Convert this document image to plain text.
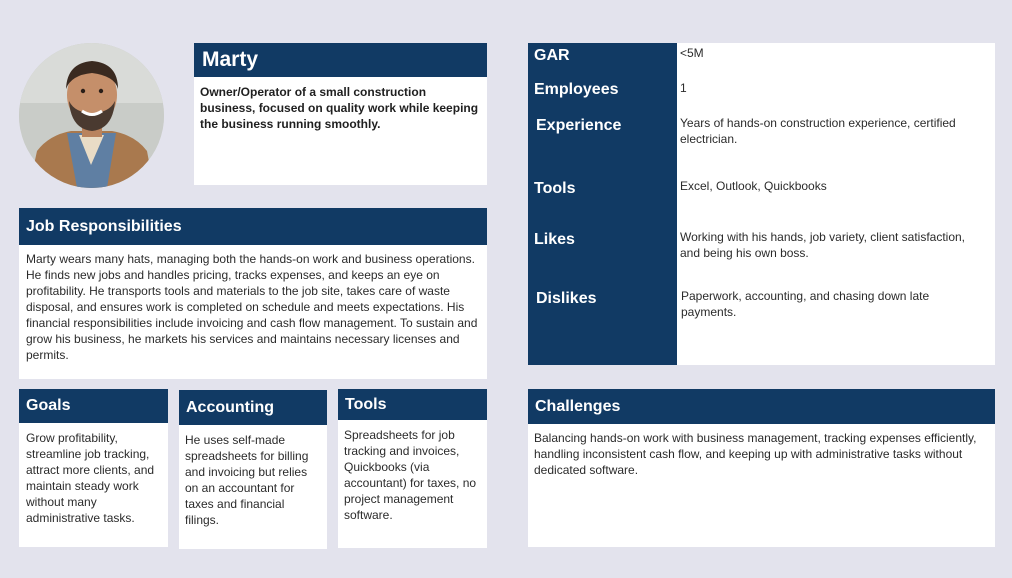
Marty

Owner/Operator of a small construction business, focused on quality work while keeping the business running smoothly.

Job Responsibilities
Marty wears many hats, managing both the hands-on work and business operations. He finds new jobs and handles pricing, tracks expenses, and keeps an eye on profitability. He transports tools and materials to the job site, takes care of waste disposal, and ensures work is completed on schedule and meets expectations. His financial responsibilities include invoicing and cash flow management. To sustain and grow his business, he markets his services and maintains necessary licenses and permits.
Goals
Grow profitability, streamline job tracking, attract more clients, and maintain steady work without many administrative tasks.
Accounting
He uses self-made spreadsheets for billing and invoicing but relies on an accountant for taxes and financial filings.
Tools
Spreadsheets for job tracking and invoices, Quickbooks (via accountant) for taxes, no project management software.
GAR	<5M
Employees	1
Experience	Years of hands-on construction experience, certified electrician.
Tools	Excel, Outlook, Quickbooks
Likes	Working with his hands, job variety, client satisfaction, and being his own boss.
Dislikes	Paperwork, accounting, and chasing down late payments.
Challenges
Balancing hands-on work with business management, tracking expenses efficiently, handling inconsistent cash flow, and keeping up with administrative tasks without dedicated software.
